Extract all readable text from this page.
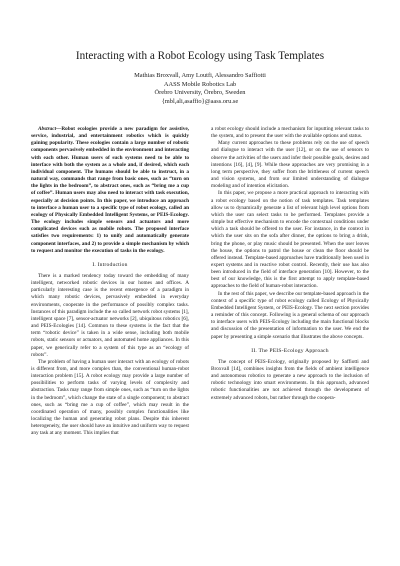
Interacting with a Robot Ecology using Task Templates
Mathias Broxvall, Amy Loutfi, Alessandro Saffiotti
AASS Mobile Robotics Lab
Örebro University, Örebro, Sweden
{mbl,ali,asaffio}@aass.oru.se

Abstract—Robot ecologies provide a new paradigm for assistive, service, industrial, and entertainment robotics which is quickly gaining popularity. These ecologies contain a large number of robotic components pervasively embedded in the environment and interacting with each other. Human users of such systems need to be able to interface with both the system as a whole and, if desired, which each individual component. The humans should be able to instruct, in a natural way, commands that range from basic ones, such as “turn on the lights in the bedroom”, to abstract ones, such as “bring me a cup of coffee”. Human users may also need to interact with task execution, especially at decision points. In this paper, we introduce an approach to interface a human user to a specific type of robot ecology, called an ecology of Physically Embedded Intelligent Systems, or PEIS-Ecology. The ecology includes simple sensors and actuators and more complicated devices such as mobile robots. The proposed interface satisfies two requirements: 1) to unify and automatically generate component interfaces, and 2) to provide a simple mechanism by which to request and monitor the execution of tasks in the ecology.

I. Introduction

There is a marked tendency today toward the embedding of many intelligent, networked robotic devices in our homes and offices. A particularly interesting case is the recent emergence of a paradigm in which many robotic devices, pervasively embedded in everyday environments, cooperate in the performance of possibly complex tasks. Instances of this paradigm include the so called network robot systems [1], intelligent space [7], sensor-actuator networks [2], ubiquitous robotics [6], and PEIS-Ecologies [14]. Common to these systems is the fact that the term “robotic device” is taken in a wide sense, including both mobile robots, static sensors or actuators, and automated home appliances. In this paper, we generically refer to a system of this type as an “ecology of robots”.

The problem of having a human user interact with an ecology of robots is different from, and more complex than, the conventional human-robot interaction problem [15]. A robot ecology may provide a large number of possibilities to perform tasks of varying levels of complexity and abstraction. Tasks may range from simple ones, such as “turn on the lights in the bedroom”, which change the state of a single component; to abstract ones, such as “bring me a cup of coffee”, which may result in the coordinated operation of many, possibly complex functionalities like localizing the human and generating robot plans. Despite this inherent heterogeneity, the user should have an intuitive and uniform way to request any task at any moment. This implies that

a robot ecology should include a mechanism for inputting relevant tasks to the system, and to present the user with the available options and status.

Many current approaches to these problems rely on the use of speech and dialogue to interact with the user [12], or on the use of sensors to observe the activities of the users and infer their possible goals, desires and intentions [16], [4], [9]. While these approaches are very promising in a long term perspective, they suffer from the brittleness of current speech and vision systems, and from our limited understanding of dialogue modeling and of intention elicitation.

In this paper, we propose a more practical approach to interacting with a robot ecology based on the notion of task templates. Task templates allow us to dynamically generate a list of relevant high level options from which the user can select tasks to be performed. Templates provide a simple but effective mechanism to encode the contextual conditions under which a task should be offered to the user. For instance, in the context in which the user sits on the sofa after dinner, the options to bring a drink, bring the phone, or play music should be presented. When the user leaves the house, the options to patrol the house or clean the floor should be offered instead. Template-based approaches have traditionally been used in expert systems and in reactive robot control. Recently, their use has also been introduced in the field of interface generation [10]. However, to the best of our knowledge, this is the first attempt to apply template-based approaches to the field of human-robot interaction.

In the rest of this paper, we describe our template-based approach in the context of a specific type of robot ecology called Ecology of Physically Embedded Intelligent System, or PEIS-Ecology. The next section provides a reminder of this concept. Following is a general schema of our approach to interface users with PEIS-Ecology including the main functional blocks and discussion of the presentation of information to the user. We end the paper by presenting a simple scenario that illustrates the above concepts.

II. The PEIS-Ecology Approach

The concept of PEIS-Ecology, originally proposed by Saffiotti and Broxvall [14], combines insights from the fields of ambient intelligence and autonomous robotics to generate a new approach to the inclusion of robotic technology into smart environments. In this approach, advanced robotic functionalities are not achieved through the development of extremely advanced robots, but rather through the coopera-
